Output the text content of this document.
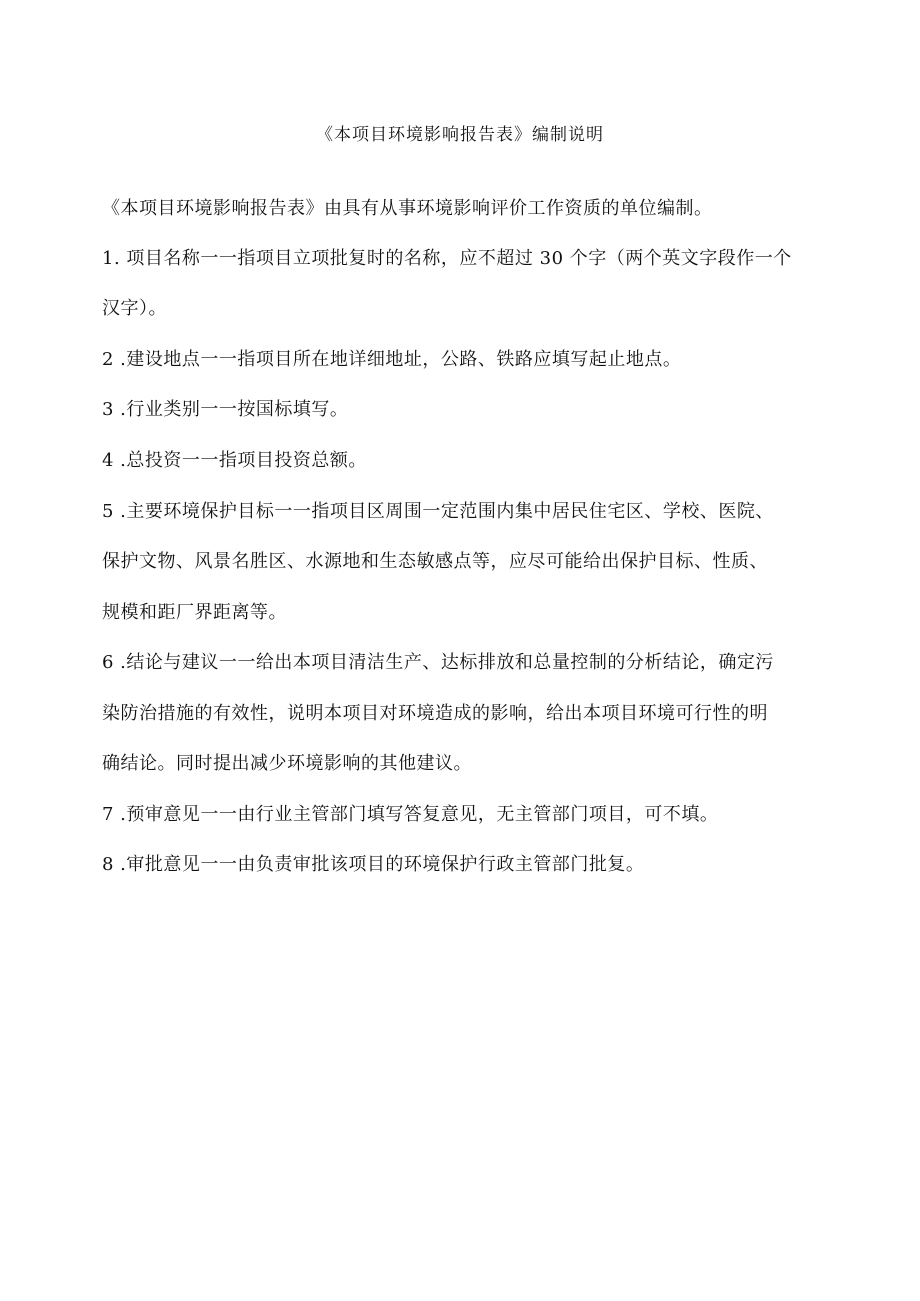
《本项目环境影响报告表》编制说明
《本项目环境影响报告表》由具有从事环境影响评价工作资质的单位编制。
1. 项目名称一一指项目立项批复时的名称，应不超过 30 个字（两个英文字段作一个
汉字）。
2 .建设地点一一指项目所在地详细地址，公路、铁路应填写起止地点。
3 .行业类别一一按国标填写。
4 .总投资一一指项目投资总额。
5 .主要环境保护目标一一指项目区周围一定范围内集中居民住宅区、学校、医院、
保护文物、风景名胜区、水源地和生态敏感点等，应尽可能给出保护目标、性质、
规模和距厂界距离等。
6 .结论与建议一一给出本项目清洁生产、达标排放和总量控制的分析结论，确定污
染防治措施的有效性，说明本项目对环境造成的影响，给出本项目环境可行性的明
确结论。同时提出减少环境影响的其他建议。
7 .预审意见一一由行业主管部门填写答复意见，无主管部门项目，可不填。
8 .审批意见一一由负责审批该项目的环境保护行政主管部门批复。
